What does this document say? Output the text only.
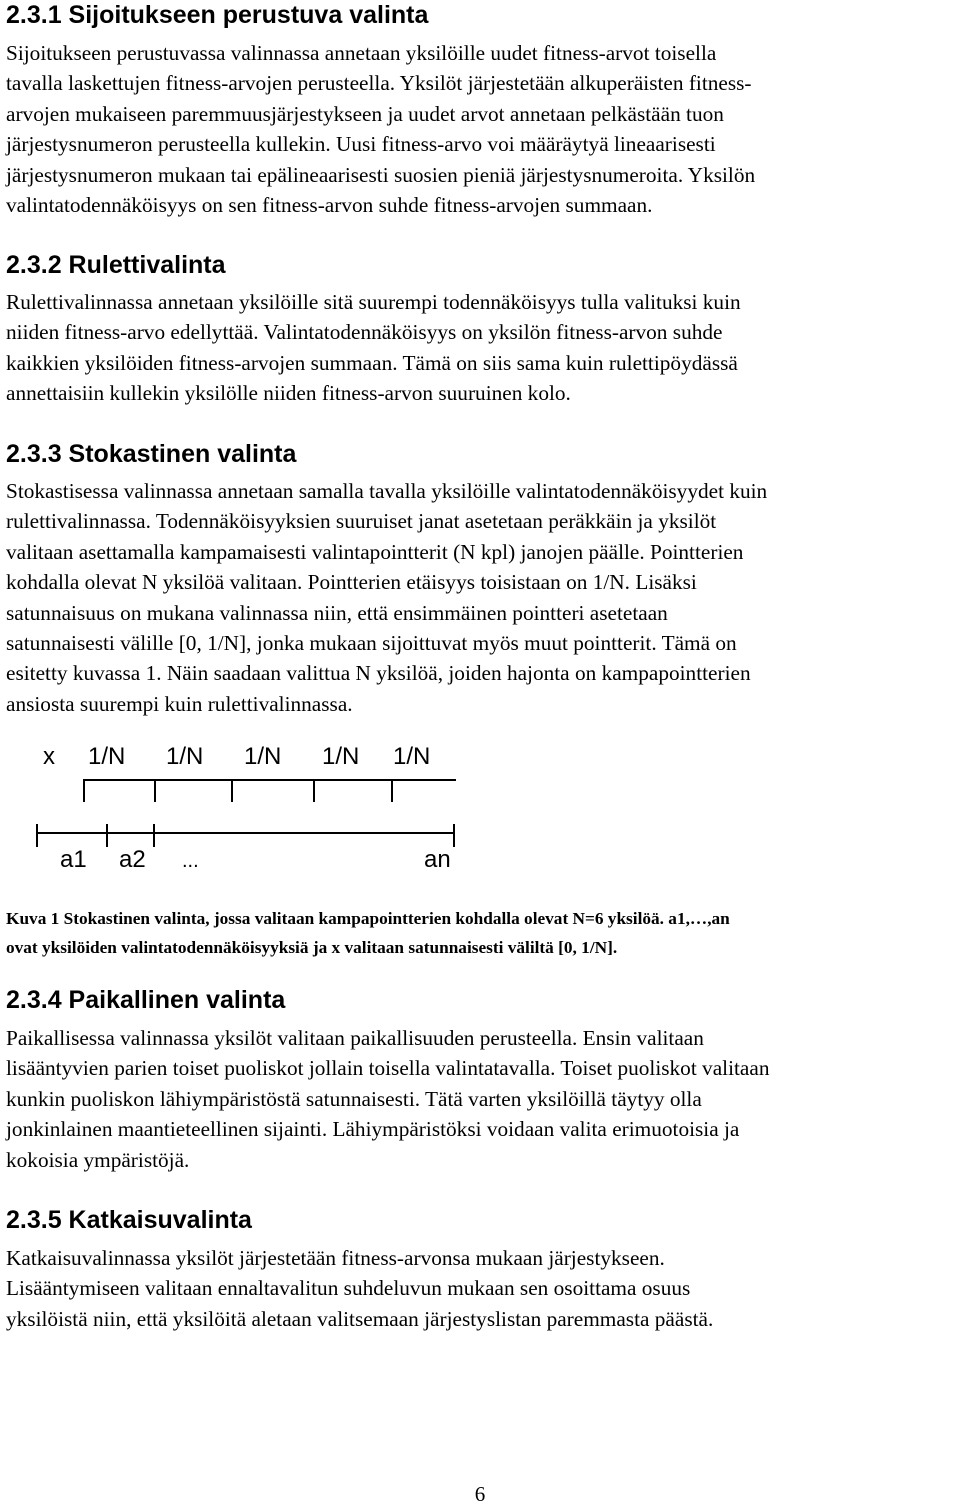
2.3.1 Sijoitukseen perustuva valinta

Sijoitukseen perustuvassa valinnassa annetaan yksilöille uudet fitness-arvot toisella
tavalla laskettujen fitness-arvojen perusteella. Yksilöt järjestetään alkuperäisten fitness-
arvojen mukaiseen paremmuusjärjestykseen ja uudet arvot annetaan pelkästään tuon
järjestysnumeron perusteella kullekin. Uusi fitness-arvo voi määräytyä lineaarisesti
järjestysnumeron mukaan tai epälineaarisesti suosien pieniä järjestysnumeroita. Yksilön
valintatodennäköisyys on sen fitness-arvon suhde fitness-arvojen summaan.

2.3.2 Rulettivalinta

Rulettivalinnassa annetaan yksilöille sitä suurempi todennäköisyys tulla valituksi kuin
niiden fitness-arvo edellyttää. Valintatodennäköisyys on yksilön fitness-arvon suhde
kaikkien yksilöiden fitness-arvojen summaan. Tämä on siis sama kuin rulettipöydässä
annettaisiin kullekin yksilölle niiden fitness-arvon suuruinen kolo.

2.3.3 Stokastinen valinta

Stokastisessa valinnassa annetaan samalla tavalla yksilöille valintatodennäköisyydet kuin
rulettivalinnassa. Todennäköisyyksien suuruiset janat asetetaan peräkkäin ja yksilöt
valitaan asettamalla kampamaisesti valintapointterit (N kpl) janojen päälle. Pointterien
kohdalla olevat N yksilöä valitaan. Pointterien etäisyys toisistaan on 1/N. Lisäksi
satunnaisuus on mukana valinnassa niin, että ensimmäinen pointteri asetetaan
satunnaisesti välille [0, 1/N], jonka mukaan sijoittuvat myös muut pointterit. Tämä on
esitetty kuvassa 1. Näin saadaan valittua N yksilöä, joiden hajonta on kampapointterien
ansiosta suurempi kuin rulettivalinnassa.

x 1/N 1/N 1/N 1/N 1/N
a1 a2 ...	an
Kuva 1 Stokastinen valinta, jossa valitaan kampapointterien kohdalla olevat N=6 yksilöä. a1,…,an
ovat yksilöiden valintatodennäköisyyksiä ja x valitaan satunnaisesti väliltä [0, 1/N].
2.3.4 Paikallinen valinta

Paikallisessa valinnassa yksilöt valitaan paikallisuuden perusteella. Ensin valitaan
lisääntyvien parien toiset puoliskot jollain toisella valintatavalla. Toiset puoliskot valitaan
kunkin puoliskon lähiympäristöstä satunnaisesti. Tätä varten yksilöillä täytyy olla
jonkinlainen maantieteellinen sijainti. Lähiympäristöksi voidaan valita erimuotoisia ja
kokoisia ympäristöjä.

2.3.5 Katkaisuvalinta

Katkaisuvalinnassa yksilöt järjestetään fitness-arvonsa mukaan järjestykseen.
Lisääntymiseen valitaan ennaltavalitun suhdeluvun mukaan sen osoittama osuus
yksilöistä niin, että yksilöitä aletaan valitsemaan järjestyslistan paremmasta päästä.

6
